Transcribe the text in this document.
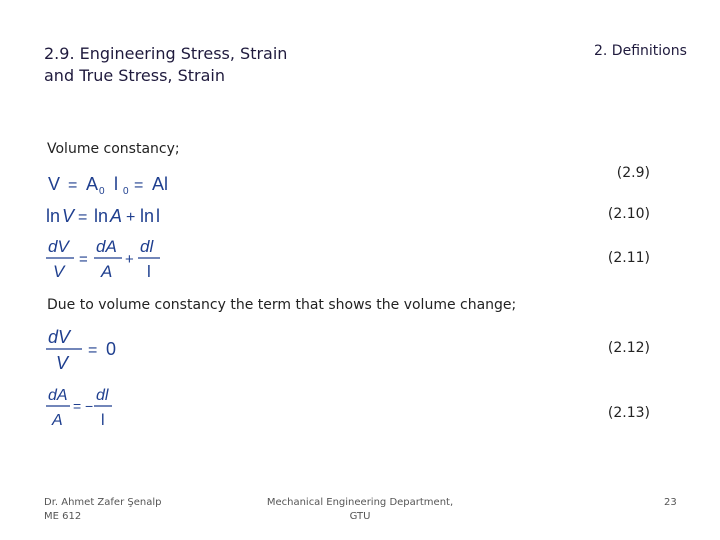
2.9. Engineering Stress, Strain
and True Stress, Strain
2. Definitions
Volume constancy;
V = A 0 l 0 = Al
(2.9)
ln V = ln A + ln l	(2.10)
dV
V
=
dA
A
+
dl
l
(2.11)
Due to volume constancy the term that shows the volume change;
dV
V
= 0	(2.12)
dA
A
= −
dl
l	(2.13)
Dr. Ahmet Zafer Şenalp
ME 612
Mechanical Engineering Department,
GTU
23
